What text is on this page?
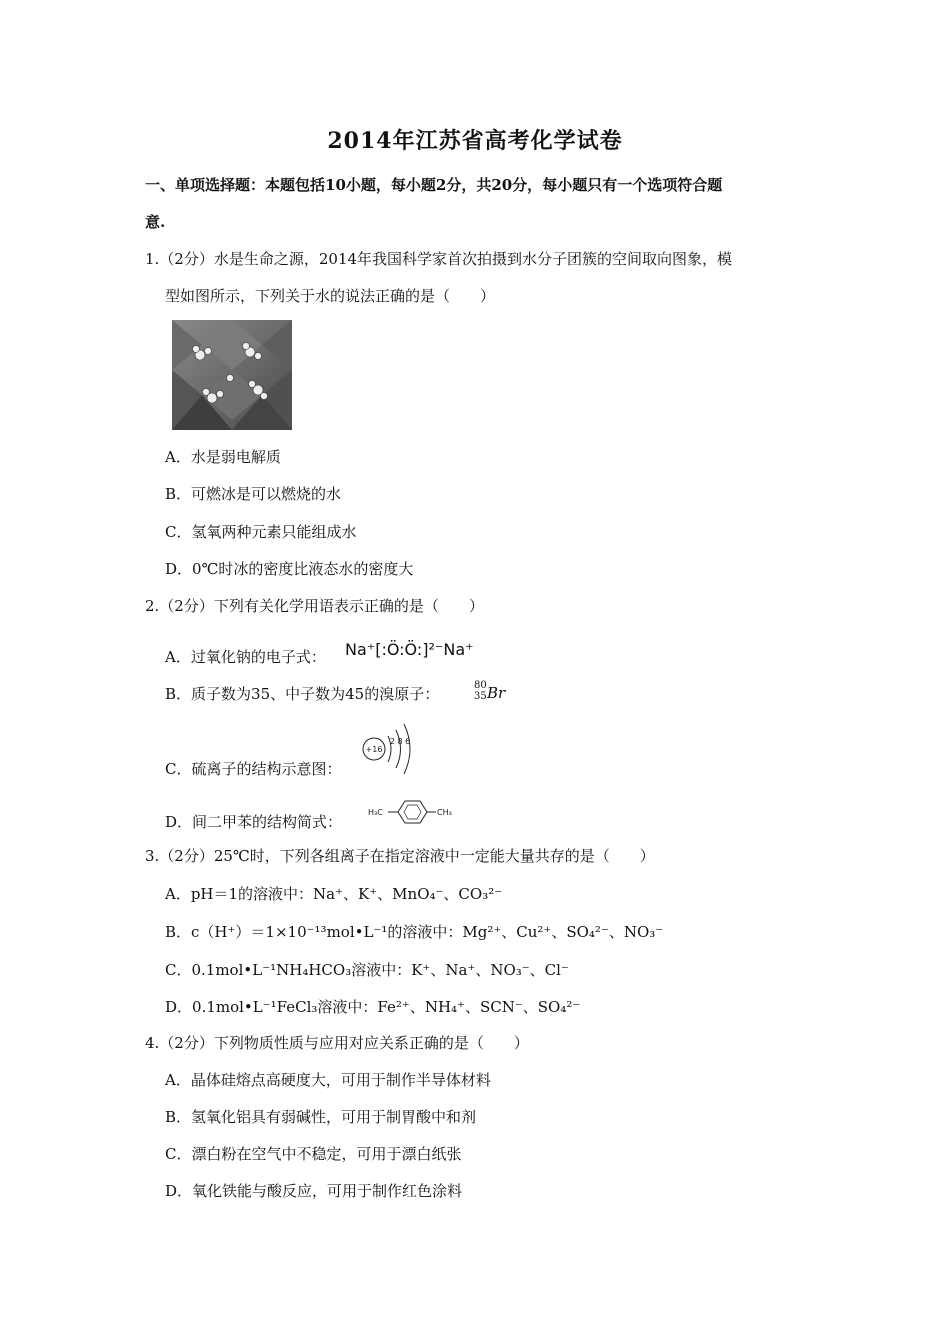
2014年江苏省高考化学试卷
一、单项选择题：本题包括10小题，每小题2分，共20分，每小题只有一个选项符合题
意.
1.（2分）水是生命之源，2014年我国科学家首次拍摄到水分子团簇的空间取向图象，模
型如图所示，下列关于水的说法正确的是（　　）
A．水是弱电解质
B．可燃冰是可以燃烧的水
C．氢氧两种元素只能组成水
D．0℃时冰的密度比液态水的密度大
2.（2分）下列有关化学用语表示正确的是（　　）
A．过氧化钠的电子式： Na⁺[:Ö:Ö:]²⁻Na⁺
B．质子数为35、中子数为45的溴原子：	80
35 Br
C．硫离子的结构示意图：
+16
2 8 6
D．间二甲苯的结构简式：
H₃C	CH₃
3.（2分）25℃时，下列各组离子在指定溶液中一定能大量共存的是（　　）
A．pH＝1的溶液中：Na⁺、K⁺、MnO₄⁻、CO₃²⁻
B．c（H⁺）＝1×10⁻¹³mol•L⁻¹的溶液中：Mg²⁺、Cu²⁺、SO₄²⁻、NO₃⁻
C．0.1mol•L⁻¹NH₄HCO₃溶液中：K⁺、Na⁺、NO₃⁻、Cl⁻
D．0.1mol•L⁻¹FeCl₃溶液中：Fe²⁺、NH₄⁺、SCN⁻、SO₄²⁻
4.（2分）下列物质性质与应用对应关系正确的是（　　）
A．晶体硅熔点高硬度大，可用于制作半导体材料
B．氢氧化铝具有弱碱性，可用于制胃酸中和剂
C．漂白粉在空气中不稳定，可用于漂白纸张
D．氧化铁能与酸反应，可用于制作红色涂料
